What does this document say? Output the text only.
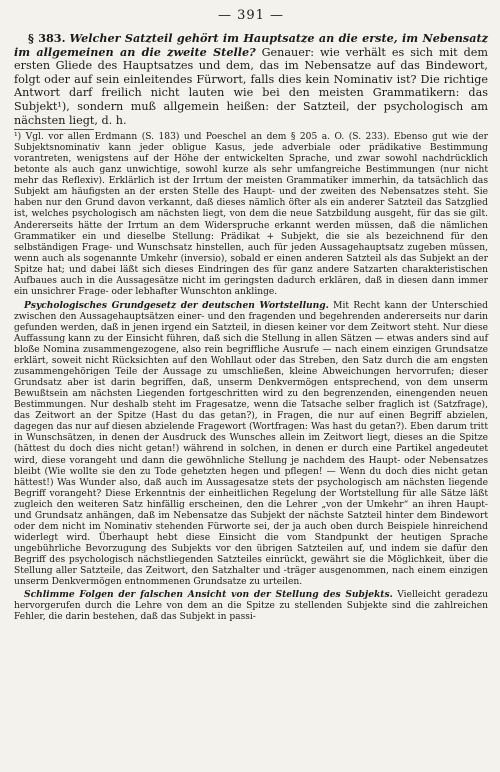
— 391 —

§ 383. Welcher Satzteil gehört im Hauptsatze an die erste, im Nebensatz im allgemeinen an die zweite Stelle? Genauer: wie verhält es sich mit dem ersten Gliede des Hauptsatzes und dem, das im Nebensatze auf das Bindewort, folgt oder auf sein einleitendes Fürwort, falls dies kein Nominativ ist? Die richtige Antwort darf freilich nicht lauten wie bei den meisten Grammatikern: das Subjekt¹), sondern muß allgemein heißen: der Satzteil, der psychologisch am nächsten liegt, d. h.

¹) Vgl. vor allen Erdmann (S. 183) und Poeschel an dem § 205 a. O. (S. 233). Ebenso gut wie der Subjektsnominativ kann jeder obligue Kasus, jede adverbiale oder prädikative Bestimmung vorantreten, wenigstens auf der Höhe der entwickelten Sprache, und zwar sowohl nachdrücklich betonte als auch ganz unwichtige, sowohl kurze als sehr umfangreiche Bestimmungen (nur nicht mehr das Reflexiv). Erklärlich ist der Irrtum der meisten Grammatiker immerhin, da tatsächlich das Subjekt am häufigsten an der ersten Stelle des Haupt- und der zweiten des Nebensatzes steht. Sie haben nur den Grund davon verkannt, daß dieses nämlich öfter als ein anderer Satzteil das Satzglied ist, welches psychologisch am nächsten liegt, von dem die neue Satzbildung ausgeht, für das sie gilt. Andererseits hätte der Irrtum an dem Widerspruche erkannt werden müssen, daß die nämlichen Grammatiker ein und dieselbe Stellung: Prädikat + Subjekt, die sie als bezeichnend für den selbständigen Frage- und Wunschsatz hinstellen, auch für jeden Aussagehauptsatz zugeben müssen, wenn auch als sogenannte Umkehr (inversio), sobald er einen anderen Satzteil als das Subjekt an der Spitze hat; und dabei läßt sich dieses Eindringen des für ganz andere Satzarten charakteristischen Aufbaues auch in die Aussagesätze nicht im geringsten dadurch erklären, daß in diesen dann immer ein unsichrer Frage- oder lebhafter Wunschton anklinge.

Psychologisches Grundgesetz der deutschen Wortstellung. Mit Recht kann der Unterschied zwischen den Aussagehauptsätzen einer- und den fragenden und begehrenden andererseits nur darin gefunden werden, daß in jenen irgend ein Satzteil, in diesen keiner vor dem Zeitwort steht. Nur diese Auffassung kann zu der Einsicht führen, daß sich die Stellung in allen Sätzen — etwas anders sind auf bloße Nomina zusammengezogene, also rein begriffliche Ausrufe — nach einem einzigen Grundsatze erklärt, soweit nicht Rücksichten auf den Wohllaut oder das Streben, den Satz durch die am engsten zusammengehörigen Teile der Aussage zu umschließen, kleine Abweichungen hervorrufen; dieser Grundsatz aber ist darin begriffen, daß, unserm Denkvermögen entsprechend, von dem unserm Bewußtsein am nächsten Liegenden fortgeschritten wird zu den begrenzenden, einengenden neuen Bestimmungen. Nur deshalb steht im Fragesatze, wenn die Tatsache selber fraglich ist (Satzfrage), das Zeitwort an der Spitze (Hast du das getan?), in Fragen, die nur auf einen Begriff abzielen, dagegen das nur auf diesen abzielende Fragewort (Wortfragen: Was hast du getan?). Eben darum tritt in Wunschsätzen, in denen der Ausdruck des Wunsches allein im Zeitwort liegt, dieses an die Spitze (hättest du doch dies nicht getan!) während in solchen, in denen er durch eine Partikel angedeutet wird, diese vorangeht und dann die gewöhnliche Stellung je nachdem des Haupt- oder Nebensatzes bleibt (Wie wollte sie den zu Tode gehetzten hegen und pflegen! — Wenn du doch dies nicht getan hättest!) Was Wunder also, daß auch im Aussagesatze stets der psychologisch am nächsten liegende Begriff vorangeht? Diese Erkenntnis der einheitlichen Regelung der Wortstellung für alle Sätze läßt zugleich den weiteren Satz hinfällig erscheinen, den die Lehrer „von der Umkehr“ an ihren Haupt- und Grundsatz anhängen, daß im Nebensatze das Subjekt der nächste Satzteil hinter dem Bindewort oder dem nicht im Nominativ stehenden Fürworte sei, der ja auch oben durch Beispiele hinreichend widerlegt wird. Überhaupt hebt diese Einsicht die vom Standpunkt der heutigen Sprache ungebührliche Bevorzugung des Subjekts vor den übrigen Satzteilen auf, und indem sie dafür den Begriff des psychologisch nächstliegenden Satzteiles einrückt, gewährt sie die Möglichkeit, über die Stellung aller Satzteile, das Zeitwort, den Satzhalter und -träger ausgenommen, nach einem einzigen unserm Denkvermögen entnommenen Grundsatze zu urteilen.

Schlimme Folgen der falschen Ansicht von der Stellung des Subjekts. Vielleicht geradezu hervorgerufen durch die Lehre von dem an die Spitze zu stellenden Subjekte sind die zahlreichen Fehler, die darin bestehen, daß das Subjekt in passi-
